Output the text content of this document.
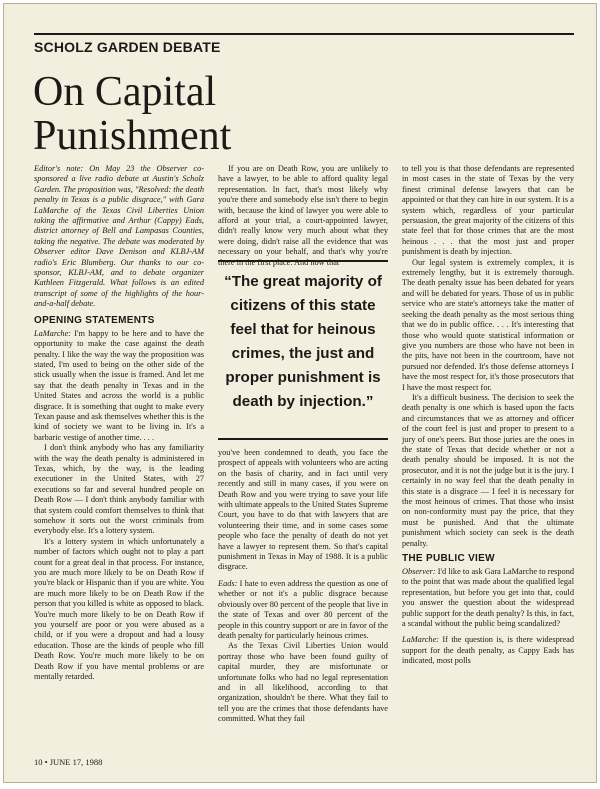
SCHOLZ GARDEN DEBATE
On Capital
Punishment

Editor's note: On May 23 the Observer co-sponsored a live radio debate at Austin's Scholz Garden. The proposition was, "Resolved: the death penalty in Texas is a public disgrace," with Gara LaMarche of the Texas Civil Liberties Union taking the affirmative and Arthur (Cappy) Eads, district attorney of Bell and Lampasas Counties, taking the negative. The debate was moderated by Observer editor Dave Denison and KLBJ-AM radio's Eric Blumberg. Our thanks to our co-sponsor, KLBJ-AM, and to debate organizer Kathleen Fitzgerald. What follows is an edited transcript of some of the highlights of the hour-and-a-half debate.

OPENING STATEMENTS

LaMarche: I'm happy to be here and to have the opportunity to make the case against the death penalty. I like the way the way the proposition was stated, I'm used to being on the other side of the stick usually when the issue is framed. And let me say that the death penalty in Texas and in the United States and across the world is a public disgrace. It is something that ought to make every Texan pause and ask themselves whether this is the kind of society we want to be living in. It's a barbaric vestige of another time. . . .

I don't think anybody who has any familiarity with the way the death penalty is administered in Texas, which, by the way, is the leading executioner in the United States, with 27 executions so far and several hundred people on Death Row — I don't think anybody familiar with that system could comfort themselves to think that somehow it sorts out the worst criminals from everybody else. It's a lottery system.

It's a lottery system in which unfortunately a number of factors which ought not to play a part count for a great deal in that process. For instance, you are much more likely to be on Death Row if you're black or Hispanic than if you are white. You are much more likely to be on Death Row if the person that you killed is white as opposed to black. You're much more likely to be on Death Row if you yourself are poor or you were abused as a child, or if you were a dropout and had a lousy education. Those are the kinds of people who fill Death Row. You're much more likely to be on Death Row if you have mental problems or are mentally retarded.

If you are on Death Row, you are unlikely to have a lawyer, to be able to afford quality legal representation. In fact, that's most likely why you're there and somebody else isn't there to begin with, because the kind of lawyer you were able to afford at your trial, a court-appointed lawyer, didn't really know very much about what they were doing, didn't raise all the evidence that was necessary on your behalf, and that's why you're there in the first place. And now that

“The great majority of citizens of this state feel that for heinous crimes, the just and proper punishment is death by injection.”

you've been condemned to death, you face the prospect of appeals with volunteers who are acting on the basis of charity, and in fact until very recently and still in many cases, if you were on Death Row and you were trying to save your life with ultimate appeals to the United States Supreme Court, you have to do that with lawyers that are volunteering their time, and in some cases some people who face the penalty of death do not yet have a lawyer to represent them. So that's capital punishment in Texas in May of 1988. It is a public disgrace.

Eads: I hate to even address the question as one of whether or not it's a public disgrace because obviously over 80 percent of the people that live in the state of Texas and over 80 percent of the people in this country support or are in favor of the death penalty for particularly heinous crimes.

As the Texas Civil Liberties Union would portray those who have been found guilty of capital murder, they are misfortunate or unfortunate folks who had no legal representation and in all likelihood, according to that organization, shouldn't be there. What they fail to tell you are the crimes that those defendants have committed. What they fail

to tell you is that those defendants are represented in most cases in the state of Texas by the very finest criminal defense lawyers that can be appointed or that they can hire in our system. It is a system which, regardless of your particular persuasion, the great majority of the citizens of this state feel that for those crimes that are the most heinous . . . that the most just and proper punishment is death by injection.

Our legal system is extremely complex, it is extremely lengthy, but it is extremely thorough. The death penalty issue has been debated for years and will be debated for years. Those of us in public service who are state's attorneys take the matter of seeking the death penalty as the most serious thing that we do in public office. . . . It's interesting that those who would quote statistical information or give you numbers are those who have not been in the pits, have not been in the courtroom, have not pursued nor defended. It's those defense attorneys I have the most respect for, it's those prosecutors that I have the most respect for.

It's a difficult business. The decision to seek the death penalty is one which is based upon the facts and circumstances that we as attorney and officer of the court feel is just and proper to present to a jury of one's peers. But those juries are the ones in the state of Texas that decide whether or not a death penalty should be imposed. It is not the prosecutor, and it is not the judge but it is the jury. I certainly in no way feel that the death penalty in this state is a disgrace — I feel it is necessary for the most heinous of crimes. That those who insist on non-conformity must pay the price, that they must be punished. And that the ultimate punishment which society can seek is the death penalty.

THE PUBLIC VIEW

Observer: I'd like to ask Gara LaMarche to respond to the point that was made about the qualified legal representation, but before you get into that, could you answer the question about the widespread public support for the death penalty? Is this, in fact, a scandal without the public being scandalized?

LaMarche: If the question is, is there widespread support for the death penalty, as Cappy Eads has indicated, most polls

10 • JUNE 17, 1988
